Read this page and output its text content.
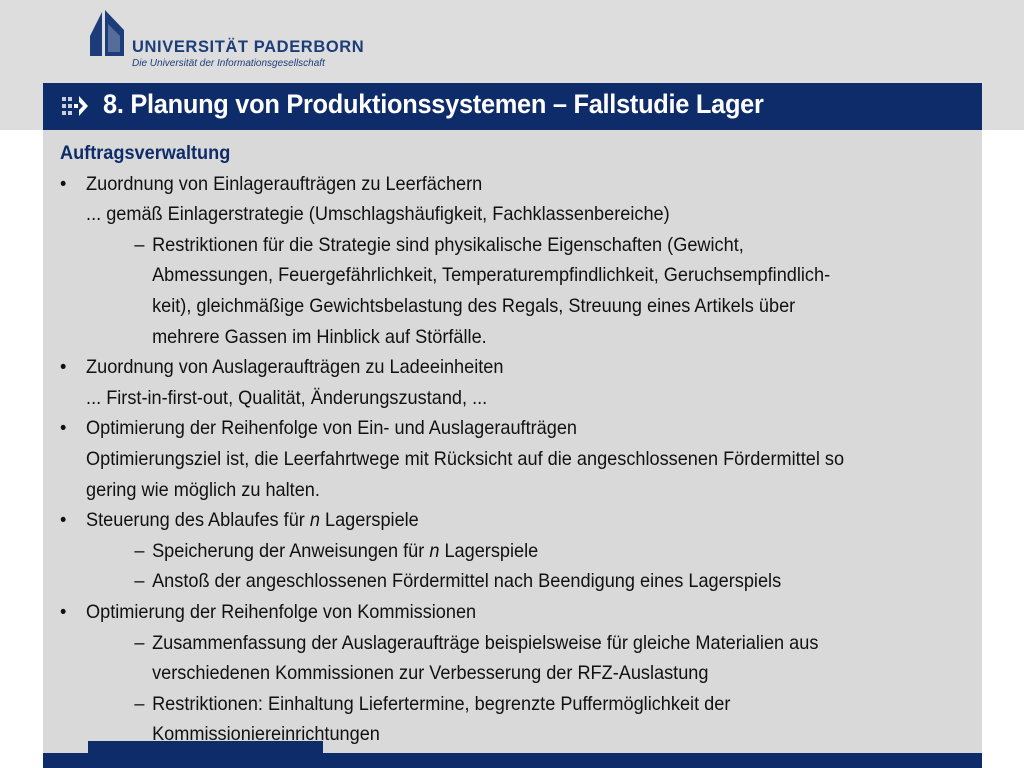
UNIVERSITÄT PADERBORN
Die Universität der Informationsgesellschaft
8. Planung von Produktionssystemen – Fallstudie Lager
Auftragsverwaltung
• Zuordnung von Einlageraufträgen zu Leerfächern
... gemäß Einlagerstrategie (Umschlagshäufigkeit, Fachklassenbereiche)
– Restriktionen für die Strategie sind physikalische Eigenschaften (Gewicht,
Abmessungen, Feuergefährlichkeit, Temperaturempfindlichkeit, Geruchsempfindlich-
keit), gleichmäßige Gewichtsbelastung des Regals, Streuung eines Artikels über
mehrere Gassen im Hinblick auf Störfälle.
• Zuordnung von Auslageraufträgen zu Ladeeinheiten
... First-in-first-out, Qualität, Änderungszustand, ...
• Optimierung der Reihenfolge von Ein- und Auslageraufträgen
Optimierungsziel ist, die Leerfahrtwege mit Rücksicht auf die angeschlossenen Fördermittel so
gering wie möglich zu halten.
• Steuerung des Ablaufes für n Lagerspiele
– Speicherung der Anweisungen für n Lagerspiele
– Anstoß der angeschlossenen Fördermittel nach Beendigung eines Lagerspiels
• Optimierung der Reihenfolge von Kommissionen
– Zusammenfassung der Auslageraufträge beispielsweise für gleiche Materialien aus
verschiedenen Kommissionen zur Verbesserung der RFZ-Auslastung
– Restriktionen: Einhaltung Liefertermine, begrenzte Puffermöglichkeit der
Kommissioniereinrichtungen
